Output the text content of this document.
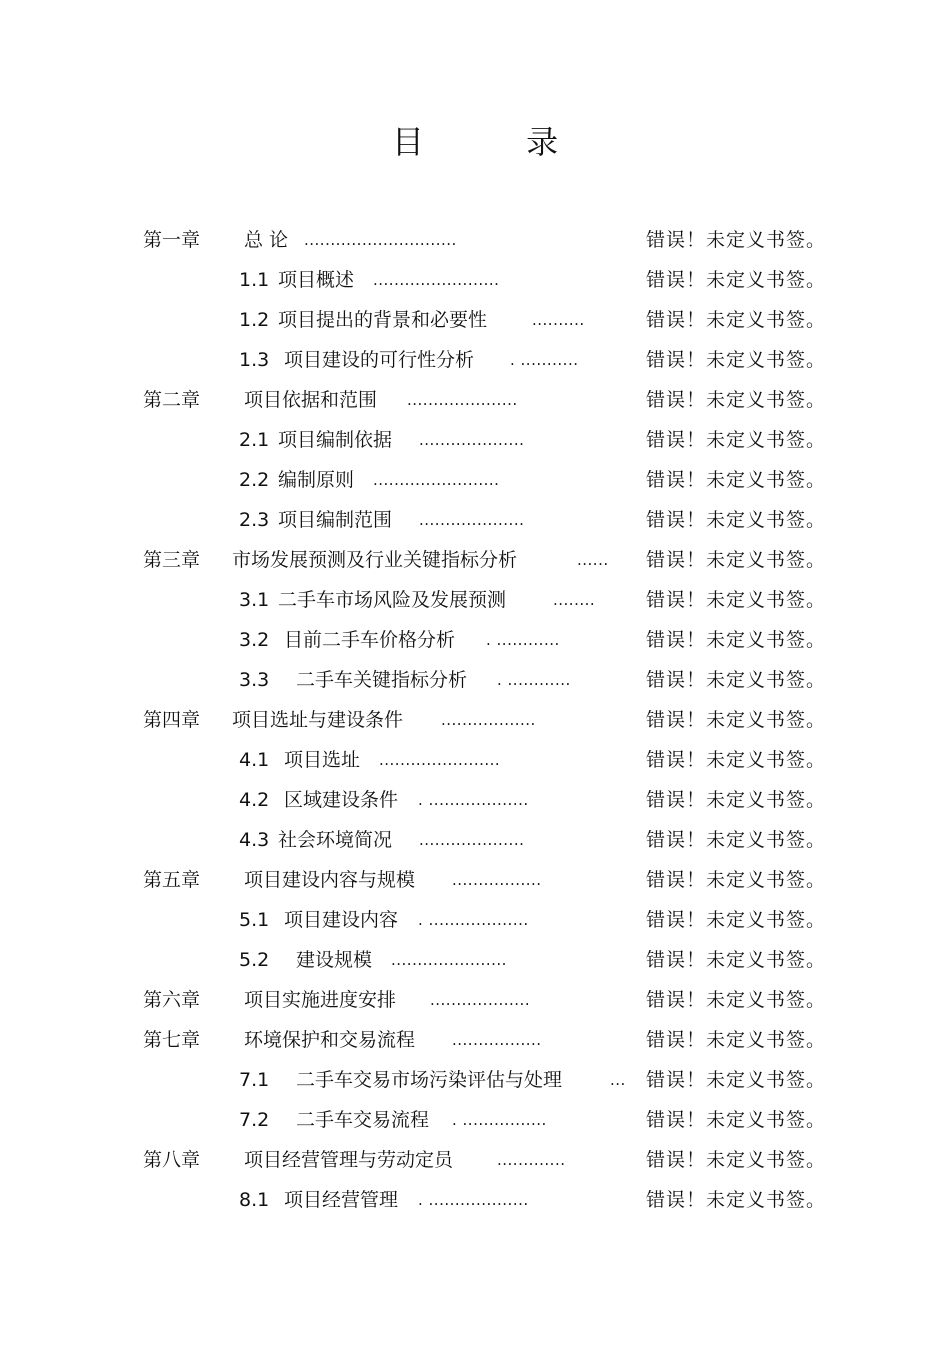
目 录
第一章 总 论 .............................	错误！未定义书签。
1.1 项目概述 ........................	错误！未定义书签。
1.2 项目提出的背景和必要性	..........	错误！未定义书签。
1.3 项目建设的可行性分析 . ...........	错误！未定义书签。
第二章 项目依据和范围 .....................	错误！未定义书签。
2.1 项目编制依据 ....................	错误！未定义书签。
2.2 编制原则 ........................	错误！未定义书签。
2.3 项目编制范围 ....................	错误！未定义书签。
第三章 市场发展预测及行业关键指标分析	...... 错误！未定义书签。
3.1 二手车市场风险及发展预测	........	错误！未定义书签。
3.2 目前二手车价格分析 . ............	错误！未定义书签。
3.3 二手车关键指标分析 . ............	错误！未定义书签。
第四章 项目选址与建设条件	..................	错误！未定义书签。
4.1 项目选址 .......................	错误！未定义书签。
4.2 区域建设条件 . ...................	错误！未定义书签。
4.3 社会环境简况 ....................	错误！未定义书签。
第五章 项目建设内容与规模 .................	错误！未定义书签。
5.1 项目建设内容 . ...................	错误！未定义书签。
5.2 建设规模 ......................	错误！未定义书签。
第六章 项目实施进度安排 ...................	错误！未定义书签。
第七章 环境保护和交易流程 .................	错误！未定义书签。
7.1 二手车交易市场污染评估与处理	... 错误！未定义书签。
7.2 二手车交易流程 . ................	错误！未定义书签。
第八章 项目经营管理与劳动定员	.............	错误！未定义书签。
8.1 项目经营管理 . ...................	错误！未定义书签。
